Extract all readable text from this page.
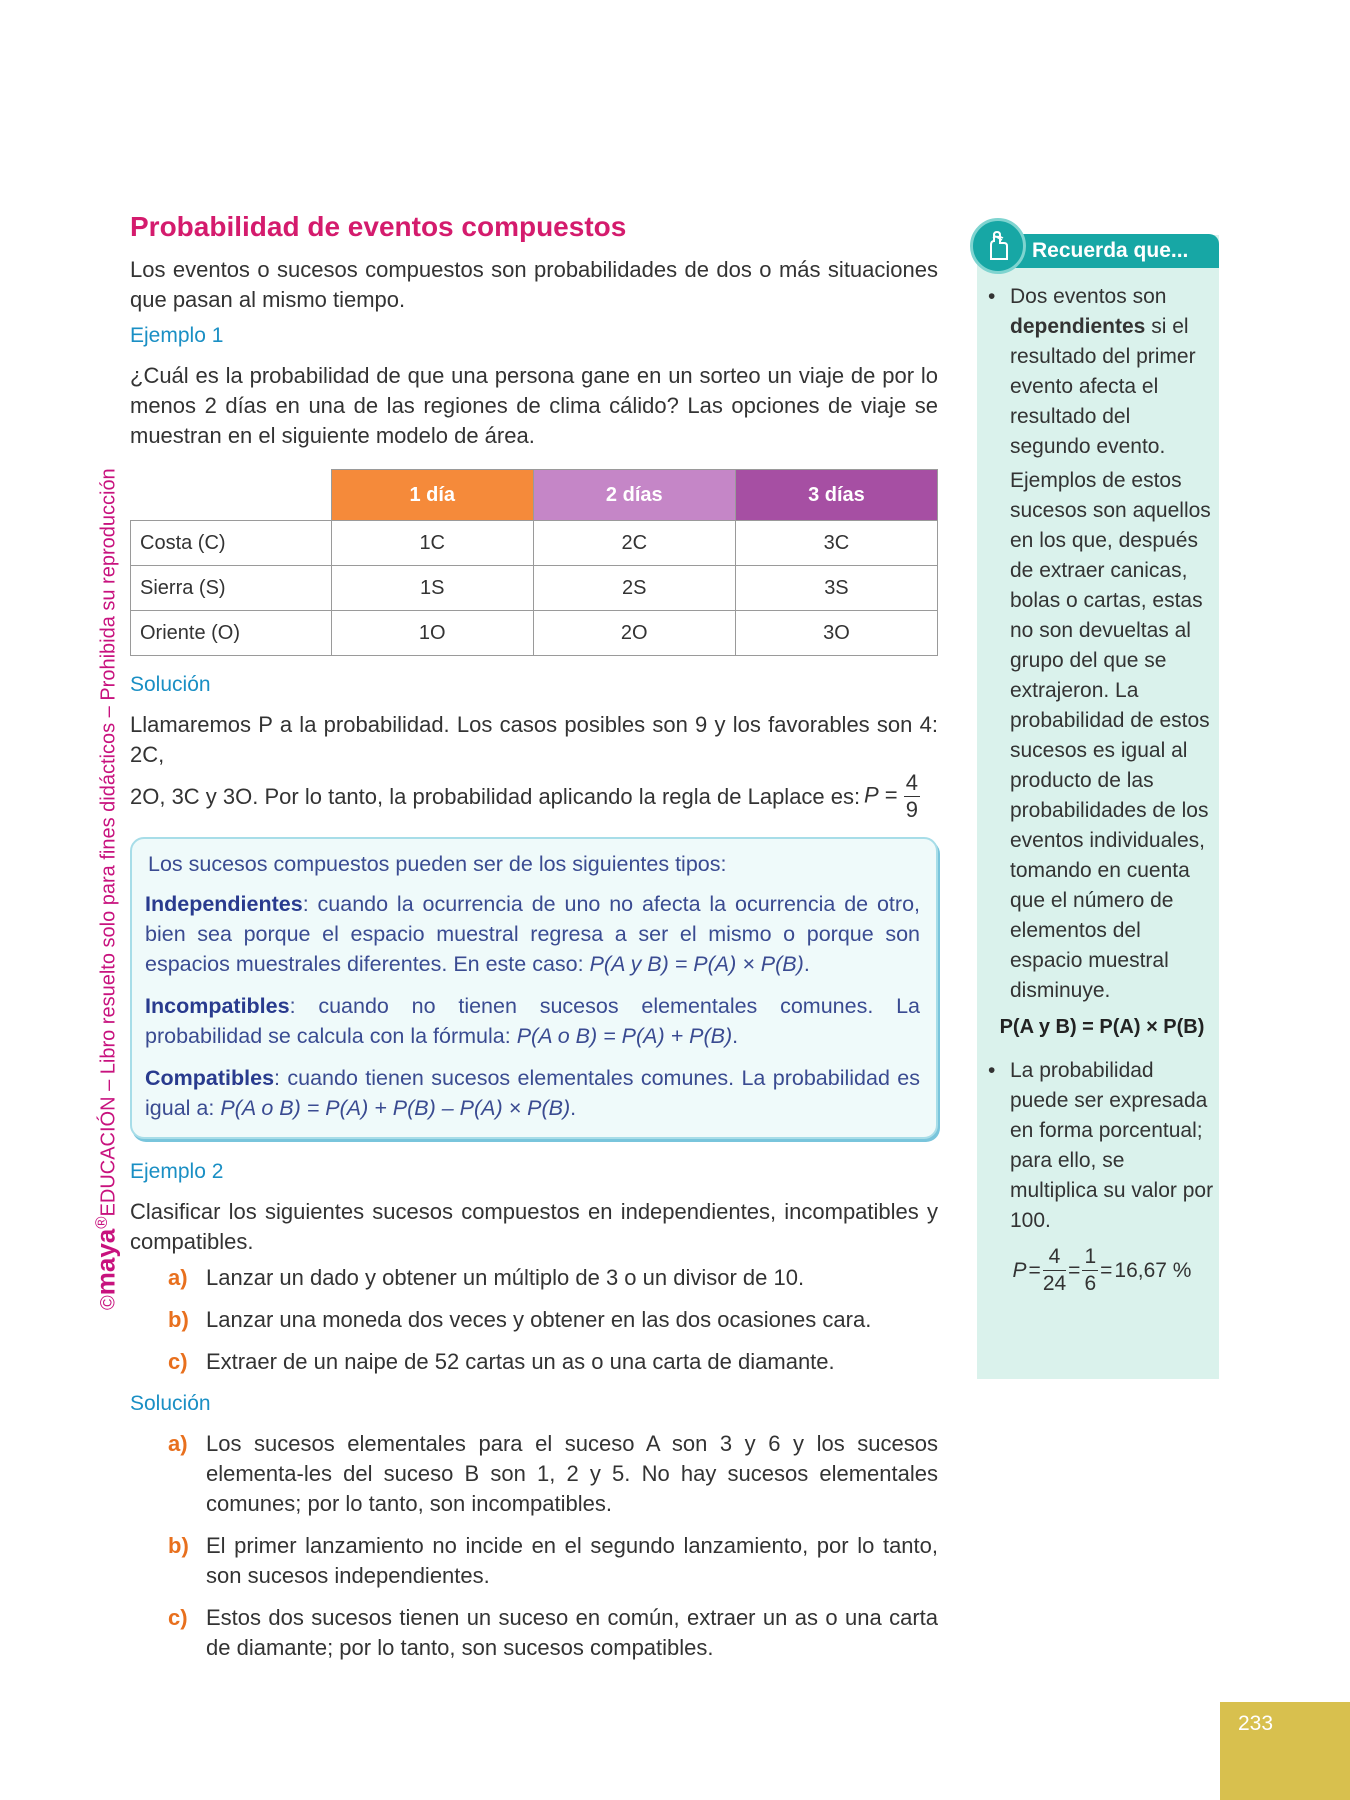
©maya®EDUCACIÓN – Libro resuelto solo para fines didácticos – Prohibida su reproducción
Probabilidad de eventos compuestos

Los eventos o sucesos compuestos son probabilidades de dos o más situaciones que pasan al mismo tiempo.

Ejemplo 1

¿Cuál es la probabilidad de que una persona gane en un sorteo un viaje de por lo menos 2 días en una de las regiones de clima cálido? Las opciones de viaje se muestran en el siguiente modelo de área.

	1 día	2 días	3 días
Costa (C)	1C	2C	3C
Sierra (S)	1S	2S	3S
Oriente (O)	1O	2O	3O
Solución

Llamaremos P a la probabilidad. Los casos posibles son 9 y los favorables son 4: 2C,

2O, 3C y 3O. Por lo tanto, la probabilidad aplicando la regla de Laplace es: $P = \frac{4}{9}$

Los sucesos compuestos pueden ser de los siguientes tipos:

Independientes: cuando la ocurrencia de uno no afecta la ocurrencia de otro, bien sea porque el espacio muestral regresa a ser el mismo o porque son espacios muestrales diferentes. En este caso: P(A y B) = P(A) × P(B).

Incompatibles: cuando no tienen sucesos elementales comunes. La probabilidad se calcula con la fórmula: P(A o B) = P(A) + P(B).

Compatibles: cuando tienen sucesos elementales comunes. La probabilidad es igual a: P(A o B) = P(A) + P(B) – P(A) × P(B).

Ejemplo 2

Clasificar los siguientes sucesos compuestos en independientes, incompatibles y compatibles.

a) Lanzar un dado y obtener un múltiplo de 3 o un divisor de 10.
b) Lanzar una moneda dos veces y obtener en las dos ocasiones cara.
c) Extraer de un naipe de 52 cartas un as o una carta de diamante.
Solución
a) Los sucesos elementales para el suceso A son 3 y 6 y los sucesos elementa-les del suceso B son 1, 2 y 5. No hay sucesos elementales comunes; por lo tanto, son incompatibles.
b) El primer lanzamiento no incide en el segundo lanzamiento, por lo tanto, son sucesos independientes.
c) Estos dos sucesos tienen un suceso en común, extraer un as o una carta de diamante; por lo tanto, son sucesos compatibles.
Recuerda que...
• Dos eventos son dependientes si el resultado del primer evento afecta el resultado del segundo evento.
Ejemplos de estos sucesos son aquellos en los que, después de extraer canicas, bolas o cartas, estas no son devueltas al grupo del que se extrajeron. La probabilidad de estos sucesos es igual al producto de las probabilidades de los eventos individuales, tomando en cuenta que el número de elementos del espacio muestral disminuye.
P(A y B) = P(A) × P(B)
• La probabilidad puede ser expresada en forma porcentual; para ello, se multiplica su valor por 100.
$P = \frac{4}{24} = \frac{1}{6} = 16,67$ %
233
